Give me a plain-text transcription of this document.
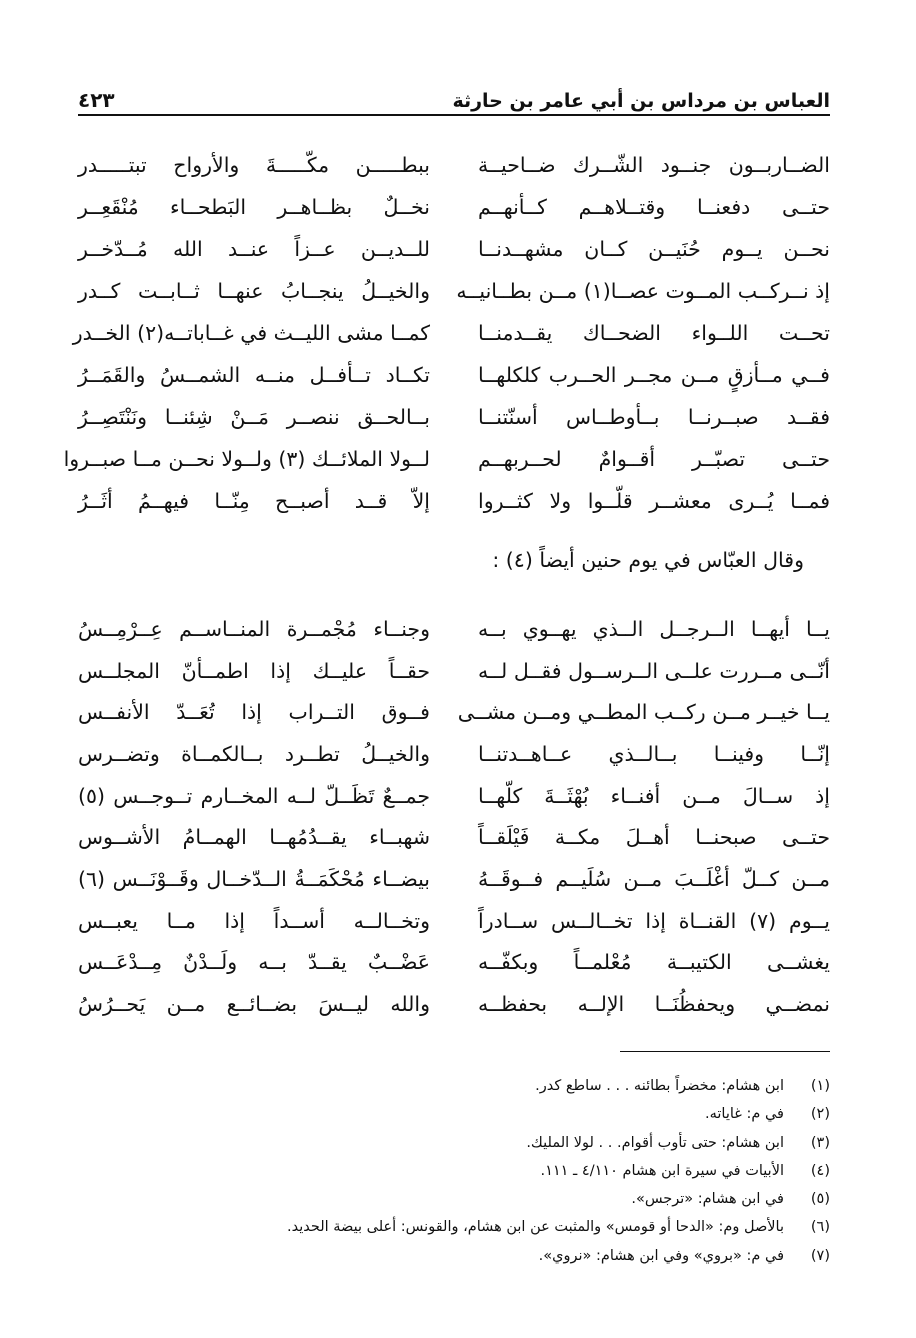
العباس بن مرداس بن أبي عامر بن حارثة
٤٢٣
الضــاربــون جنــود الشّــرك ضــاحيــة
ببطـــــن مكّـــــةَ والأرواح تبتـــــدر
حتــى دفعنــا وقتــلاهــم كــأنهــم
نخــلٌ بظــاهــر البَطحــاء مُنْقَعِــر
نحــن يــوم حُنَيــن كــان مشهــدنــا
للــديــن عــزاً عنــد الله مُــدّخــر
إذ نــركــب المــوت عصــا(١) مــن بطــانيــه
والخيــلُ ينجــابُ عنهــا ثــابــت كــدر
تحــت اللــواء الضحــاك يقــدمنــا
كمــا مشى الليــث في غــاباتــه(٢) الخــدر
فــي مــأزقٍ مــن مجــر الحــرب كلكلهــا
تكــاد تــأفــل منــه الشمــسُ والقَمَــرُ
فقــد صبــرنــا بــأوطــاس أسنّتنــا
بــالحــق ننصــر مَــنْ شِئنــا ونَنْتَصِــرُ
حتــى تصبّــر أقــوامٌ لحــربهــم
لــولا الملائــك (٣) ولــولا نحــن مــا صبــروا
فمــا يُــرى معشــر قلّــوا ولا كثــروا
إلاّ قــد أصبــح مِنّــا فيهــمُ أثَــرُ
وقال العبّاس في يوم حنين أيضاً (٤) :
يــا أيهــا الــرجــل الــذي يهــوي بــه
وجنــاء مُجْمــرة المنــاســم عِــرْمِــسُ
أنّــى مــررت علــى الــرســول فقــل لــه
حقــاً عليــك إذا اطمــأنّ المجلــس
يــا خيــر مــن ركــب المطــي ومــن مشــى
فــوق التــراب إذا تُعَــدّ الأنفــس
إنّــا وفينــا بــالــذي عــاهــدتنــا
والخيــلُ تطــرد بــالكمــاة وتضــرس
إذ ســالَ مــن أفنــاء بُهْثَــةَ كلّهــا
جمــعٌ تَظَــلّ لــه المخــارم تــوجــس (٥)
حتــى صبحنــا أهــلَ مكــة فَيْلَقــاً
شهبــاء يقــدُمُهــا الهمــامُ الأشــوس
مــن كــلّ أغْلَــبَ مــن سُلَيــم فــوقَــهُ
بيضــاء مُحْكَمَــةُ الــدّخــال وقَــوْنَــس (٦)
يــوم (٧) القنــاة إذا تخــالــس ســادراً
وتخــالــه أســداً إذا مــا يعبــس
يغشــى الكتيبــة مُعْلمــاً وبكفّــه
عَضْــبٌ يقــدّ بــه ولَــدْنٌ مِــدْعَــس
نمضــي ويحفظُنَــا الإلــه بحفظــه
والله ليــسَ بضــائــع مــن يَحــرُسُ
(١)
ابن هشام: مخضراً بطائنه . . . ساطع كدر.
(٢)
في م: غاياته.
(٣)
ابن هشام: حتى تأوب أقوام. . . لولا المليك.
(٤)
الأبيات في سيرة ابن هشام ٤/١١٠ ـ ١١١.
(٥)
في ابن هشام: «ترجس».
(٦)
بالأصل وم: «الدحا أو قومس» والمثبت عن ابن هشام، والقونس: أعلى بيضة الحديد.
(٧)
في م: «بروي» وفي ابن هشام: «نروي».
